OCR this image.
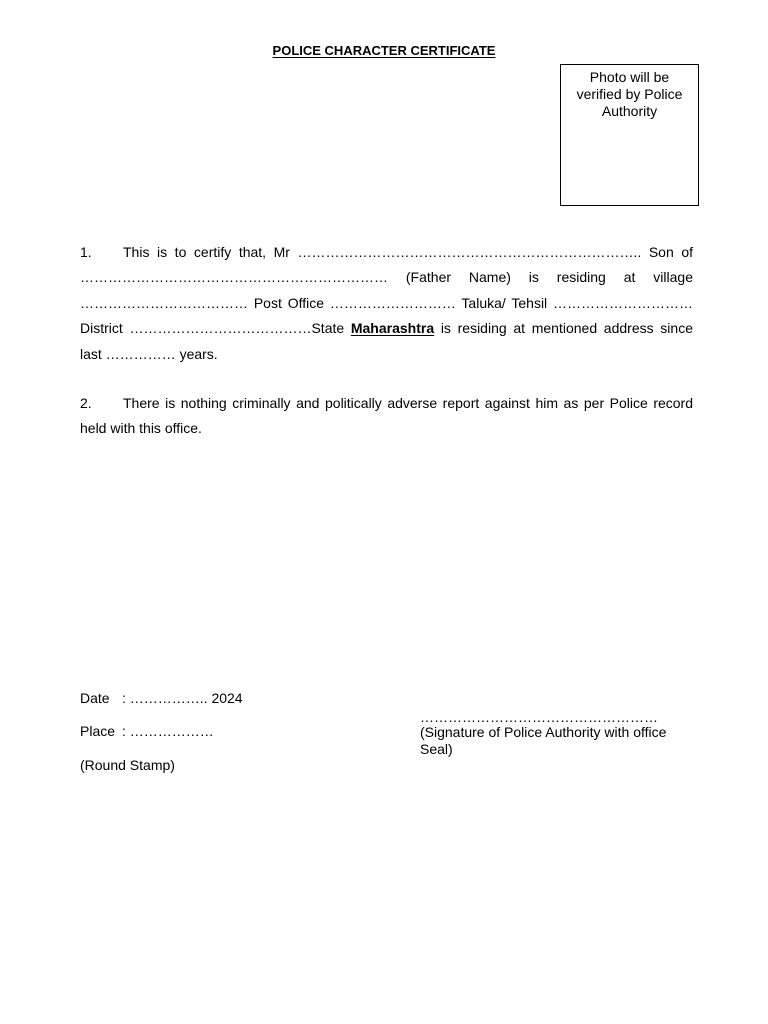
POLICE CHARACTER CERTIFICATE
Photo will be verified by Police Authority
1. This is to certify that, Mr ……………………………………………………………….. Son of ………………………………………………………… (Father Name) is residing at village ……………………………… Post Office ……………………… Taluka/ Tehsil ………………………… District …………………………………State Maharashtra is residing at mentioned address since last …………… years.
2. There is nothing criminally and politically adverse report against him as per Police record held with this office.
Date : …………….. 2024
Place : ………………
(Round Stamp)
……………………………………………
(Signature of Police Authority with office Seal)
